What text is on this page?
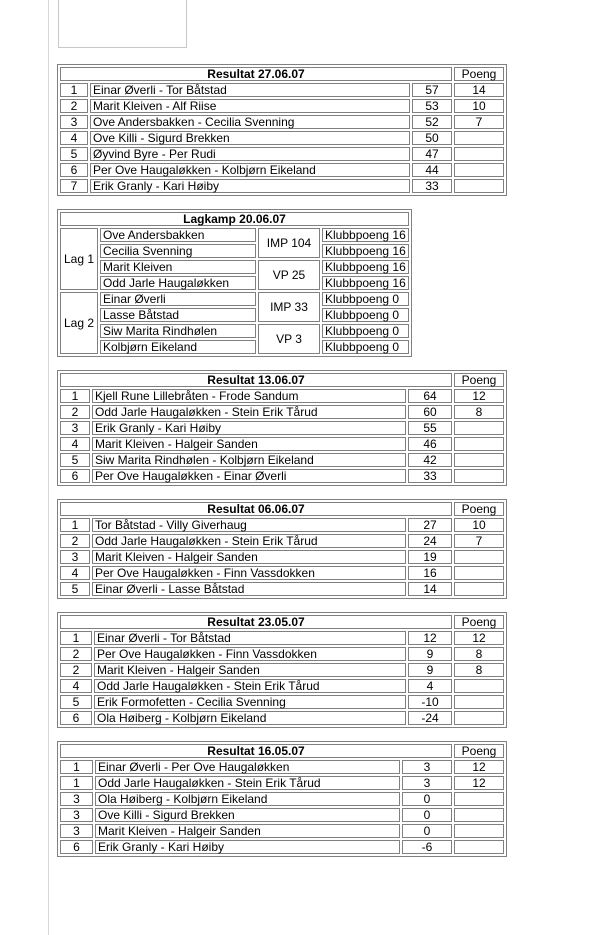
Resultat 27.06.07			Poeng
1	Einar Øverli - Tor Båtstad	57	14
2	Marit Kleiven - Alf Riise	53	10
3	Ove Andersbakken - Cecilia Svenning	52	7
4	Ove Killi - Sigurd Brekken	50	
5	Øyvind Byre - Per Rudi	47	
6	Per Ove Haugaløkken - Kolbjørn Eikeland	44	
7	Erik Granly - Kari Høiby	33	
Lagkamp 20.06.07			
Lag 1	Ove Andersbakken	IMP 104	Klubbpoeng 16
	Cecilia Svenning		Klubbpoeng 16
	Marit Kleiven	VP 25	Klubbpoeng 16
	Odd Jarle Haugaløkken		Klubbpoeng 16
Lag 2	Einar Øverli	IMP 33	Klubbpoeng 0
	Lasse Båtstad		Klubbpoeng 0
	Siw Marita Rindhølen	VP 3	Klubbpoeng 0
	Kolbjørn Eikeland		Klubbpoeng 0
Resultat 13.06.07			Poeng
1	Kjell Rune Lillebråten - Frode Sandum	64	12
2	Odd Jarle Haugaløkken - Stein Erik Tårud	60	8
3	Erik Granly - Kari Høiby	55	
4	Marit Kleiven - Halgeir Sanden	46	
5	Siw Marita Rindhølen - Kolbjørn Eikeland	42	
6	Per Ove Haugaløkken - Einar Øverli	33	
Resultat 06.06.07			Poeng
1	Tor Båtstad - Villy Giverhaug	27	10
2	Odd Jarle Haugaløkken - Stein Erik Tårud	24	7
3	Marit Kleiven - Halgeir Sanden	19	
4	Per Ove Haugaløkken - Finn Vassdokken	16	
5	Einar Øverli - Lasse Båtstad	14	
Resultat 23.05.07			Poeng
1	Einar Øverli - Tor Båtstad	12	12
2	Per Ove Haugaløkken - Finn Vassdokken	9	8
2	Marit Kleiven - Halgeir Sanden	9	8
4	Odd Jarle Haugaløkken - Stein Erik Tårud	4	
5	Erik Formofetten - Cecilia Svenning	-10	
6	Ola Høiberg - Kolbjørn Eikeland	-24	
Resultat 16.05.07			Poeng
1	Einar Øverli - Per Ove Haugaløkken	3	12
1	Odd Jarle Haugaløkken - Stein Erik Tårud	3	12
3	Ola Høiberg - Kolbjørn Eikeland	0	
3	Ove Killi - Sigurd Brekken	0	
3	Marit Kleiven - Halgeir Sanden	0	
6	Erik Granly - Kari Høiby	-6	
